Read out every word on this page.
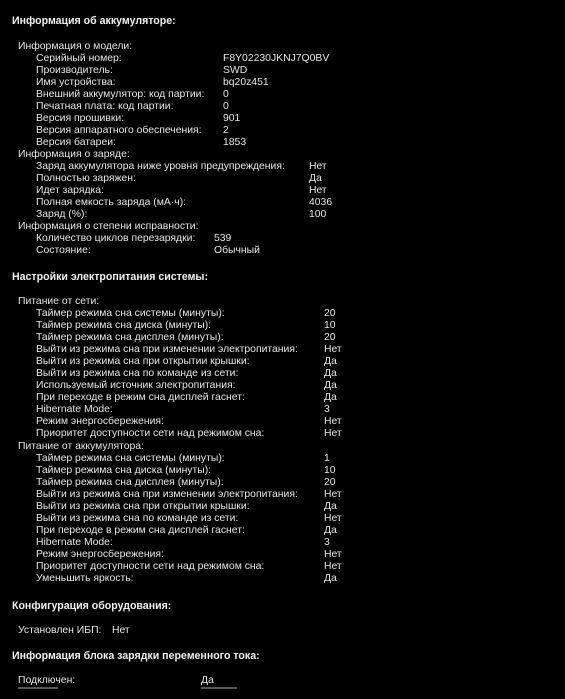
Информация об аккумуляторе:
Информация о модели:
Серийный номер:	F8Y02230JKNJ7Q0BV
Производитель:	SWD
Имя устройства:	bq20z451
Внешний аккумулятор: код партии: 0
Печатная плата: код партии:	0
Версия прошивки:	901
Версия аппаратного обеспечения: 2
Версия батареи:	1853
Информация о заряде:
Заряд аккумулятора ниже уровня предупреждения: Нет
Полностью заряжен:	Да
Идет зарядка:	Нет
Полная емкость заряда (мА·ч):	4036
Заряд (%):	100
Информация о степени исправности:
Количество циклов перезарядки: 539
Состояние:	Обычный
Настройки электропитания системы:
Питание от сети:
Таймер режима сна системы (минуты):	20
Таймер режима сна диска (минуты):	10
Таймер режима сна дисплея (минуты):	20
Выйти из режима сна при изменении электропитания:	Нет
Выйти из режима сна при открытии крышки:	Да
Выйти из режима сна по команде из сети:	Да
Используемый источник электропитания:	Да
При переходе в режим сна дисплей гаснет:	Да
Hibernate Mode:	3
Режим энергосбережения:	Нет
Приоритет доступности сети над режимом сна:	Нет
Питание от аккумулятора:
Таймер режима сна системы (минуты):	1
Таймер режима сна диска (минуты):	10
Таймер режима сна дисплея (минуты):	20
Выйти из режима сна при изменении электропитания:	Нет
Выйти из режима сна при открытии крышки:	Да
Выйти из режима сна по команде из сети:	Нет
При переходе в режим сна дисплей гаснет:	Да
Hibernate Mode:	3
Режим энергосбережения:	Нет
Приоритет доступности сети над режимом сна:	Нет
Уменьшить яркость:	Да
Конфигурация оборудования:
Установлен ИБП: Нет
Информация блока зарядки переменного тока:
Подключен:	Да
